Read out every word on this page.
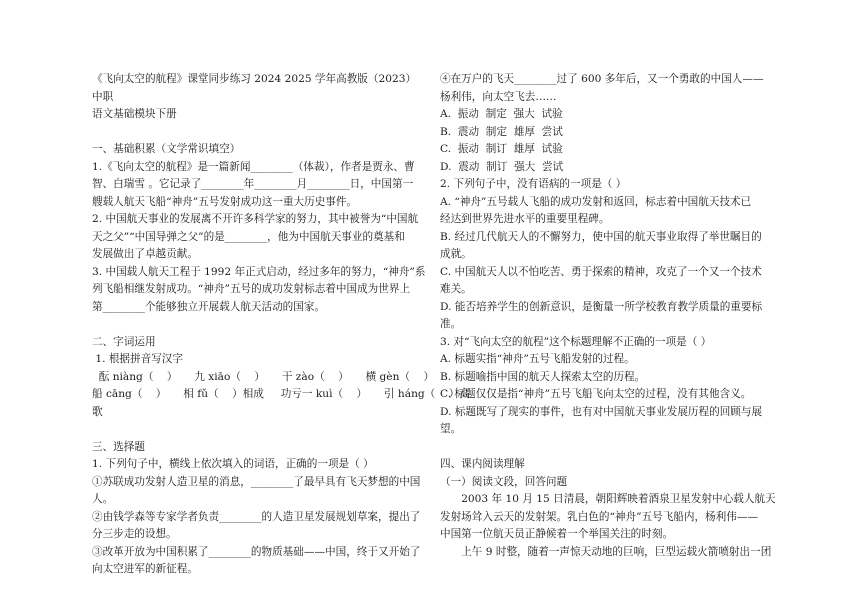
《飞向太空的航程》课堂同步练习 2024 2025 学年高教版（2023）中职

语文基础模块下册

一、基础积累（文学常识填空）

1.《飞向太空的航程》是一篇新闻________（体裁），作者是贾永、曹

智、白瑞雪 。它记录了________年________月________日，中国第一

艘载人航天飞船“神舟”五号发射成功这一重大历史事件。

2. 中国航天事业的发展离不开许多科学家的努力，其中被誉为“中国航

天之父”“中国导弹之父”的是________，他为中国航天事业的奠基和

发展做出了卓越贡献。

3. 中国载人航天工程于 1992 年正式启动，经过多年的努力，“神舟”系

列飞船相继发射成功。“神舟”五号的成功发射标志着中国成为世界上

第________个能够独立开展载人航天活动的国家。

二、字词运用

1. 根据拼音写汉字

酝 niàng（    ）     九 xiāo（    ）     干 zào（    ）     横 gèn（    ）

船 cāng（    ）     相 fǔ（    ）相成     功亏一 kuì（    ）     引 háng（    ）高

歌

三、选择题

1. 下列句子中，横线上依次填入的词语，正确的一项是（ ）

①苏联成功发射人造卫星的消息，________了最早具有飞天梦想的中国

人。

②由钱学森等专家学者负责________的人造卫星发展规划草案，提出了

分三步走的设想。

③改革开放为中国积累了________的物质基础——中国，终于又开始了

向太空进军的新征程。

④在万户的飞天________过了 600 多年后，又一个勇敢的中国人——

杨利伟，向太空飞去……

A.  振动  制定  强大  试验

B.  震动  制定  雄厚  尝试

C.  振动  制订  雄厚  试验

D.  震动  制订  强大  尝试

2. 下列句子中，没有语病的一项是（ ）

A. “神舟”五号载人飞船的成功发射和返回，标志着中国航天技术已

经达到世界先进水平的重要里程碑。

B. 经过几代航天人的不懈努力，使中国的航天事业取得了举世瞩目的

成就。

C. 中国航天人以不怕吃苦、勇于探索的精神，攻克了一个又一个技术

难关。

D. 能否培养学生的创新意识，是衡量一所学校教育教学质量的重要标

准。

3. 对“飞向太空的航程”这个标题理解不正确的一项是（ ）

A. 标题实指“神舟”五号飞船发射的过程。

B. 标题喻指中国的航天人探索太空的历程。

C. 标题仅仅是指“神舟”五号飞船飞向太空的过程，没有其他含义。

D. 标题既写了现实的事件，也有对中国航天事业发展历程的回顾与展

望。

四、课内阅读理解

（一）阅读文段，回答问题

2003 年 10 月 15 日清晨，朝阳辉映着酒泉卫星发射中心载人航天

发射场耸入云天的发射架。乳白色的“神舟”五号飞船内，杨利伟——

中国第一位航天员正静候着一个举国关注的时刻。

上午 9 时整，随着一声惊天动地的巨响，巨型运载火箭喷射出一团
